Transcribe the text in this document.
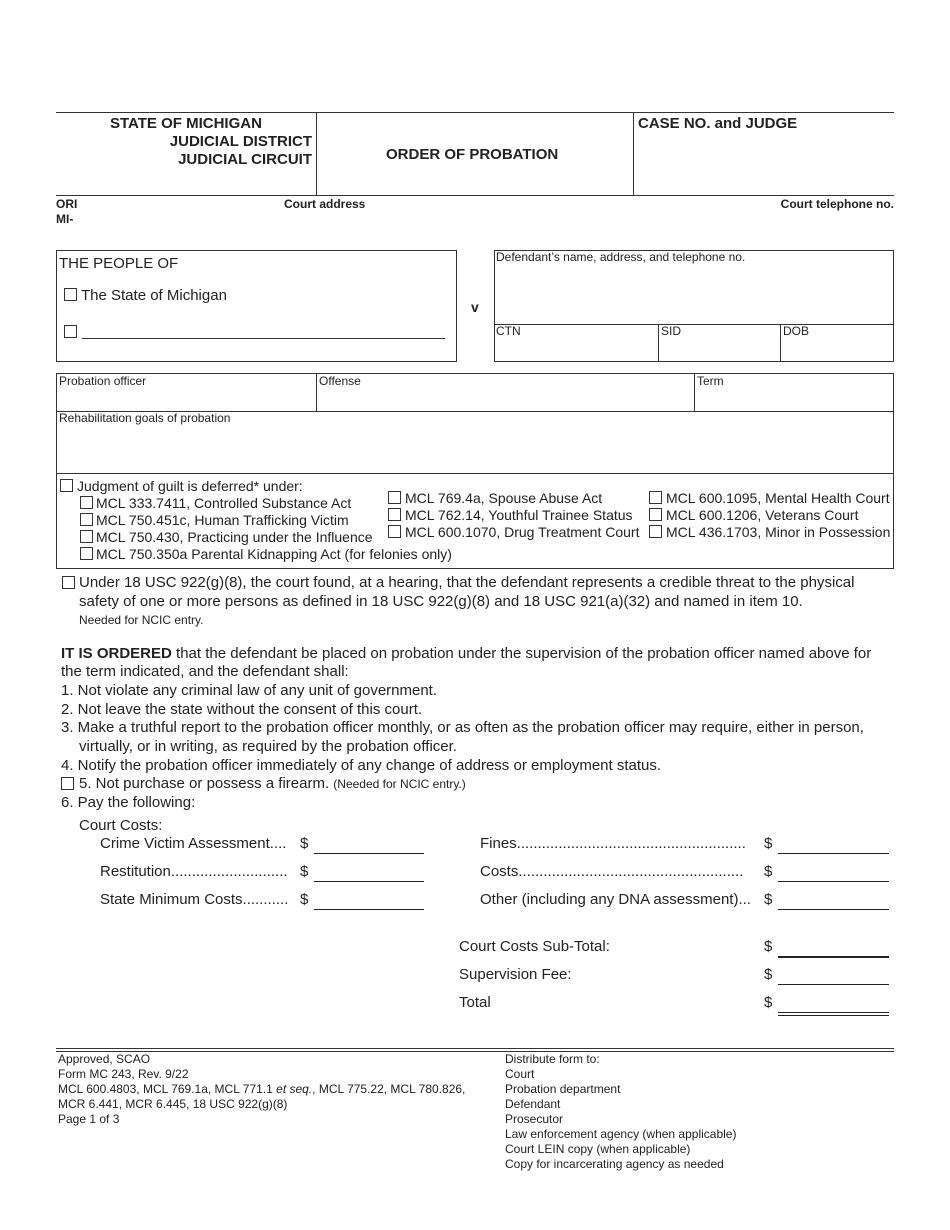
STATE OF MICHIGAN
JUDICIAL DISTRICT
JUDICIAL CIRCUIT	ORDER OF PROBATION
CASE NO. and JUDGE
ORI
MI-
Court address	Court telephone no.
THE PEOPLE OF
The State of Michigan
v
Defendant’s name, address, and telephone no.
CTN	SID	DOB
Probation officer	Offense	Term
Rehabilitation goals of probation
Judgment of guilt is deferred* under:
MCL 333.7411, Controlled Substance Act
MCL 750.451c, Human Trafficking Victim
MCL 750.430, Practicing under the Influence
MCL 750.350a Parental Kidnapping Act (for felonies only)
MCL 769.4a, Spouse Abuse Act
MCL 762.14, Youthful Trainee Status
MCL 600.1070, Drug Treatment Court
MCL 600.1095, Mental Health Court
MCL 600.1206, Veterans Court
MCL 436.1703, Minor in Possession
Under 18 USC 922(g)(8), the court found, at a hearing, that the defendant represents a credible threat to the physical
safety of one or more persons as defined in 18 USC 922(g)(8) and 18 USC 921(a)(32) and named in item 10.
Needed for NCIC entry.
IT IS ORDERED that the defendant be placed on probation under the supervision of the probation officer named above for
the term indicated, and the defendant shall:
1. Not violate any criminal law of any unit of government.
2. Not leave the state without the consent of this court.
3. Make a truthful report to the probation officer monthly, or as often as the probation officer may require, either in person,
virtually, or in writing, as required by the probation officer.
4. Notify the probation officer immediately of any change of address or employment status.
5. Not purchase or possess a firearm. (Needed for NCIC entry.)
6. Pay the following:
Court Costs:
Crime Victim Assessment.... $
Restitution............................ $
State Minimum Costs........... $
Fines....................................................... $
Costs...................................................... $
Other (including any DNA assessment)... $
Court Costs Sub-Total:	$
Supervision Fee:	$
Total	$
Approved, SCAO
Form MC 243, Rev. 9/22
MCL 600.4803, MCL 769.1a, MCL 771.1 et seq., MCL 775.22, MCL 780.826,
MCR 6.441, MCR 6.445, 18 USC 922(g)(8)
Page 1 of 3
Distribute form to:
Court
Probation department
Defendant
Prosecutor
Law enforcement agency (when applicable)
Court LEIN copy (when applicable)
Copy for incarcerating agency as needed
